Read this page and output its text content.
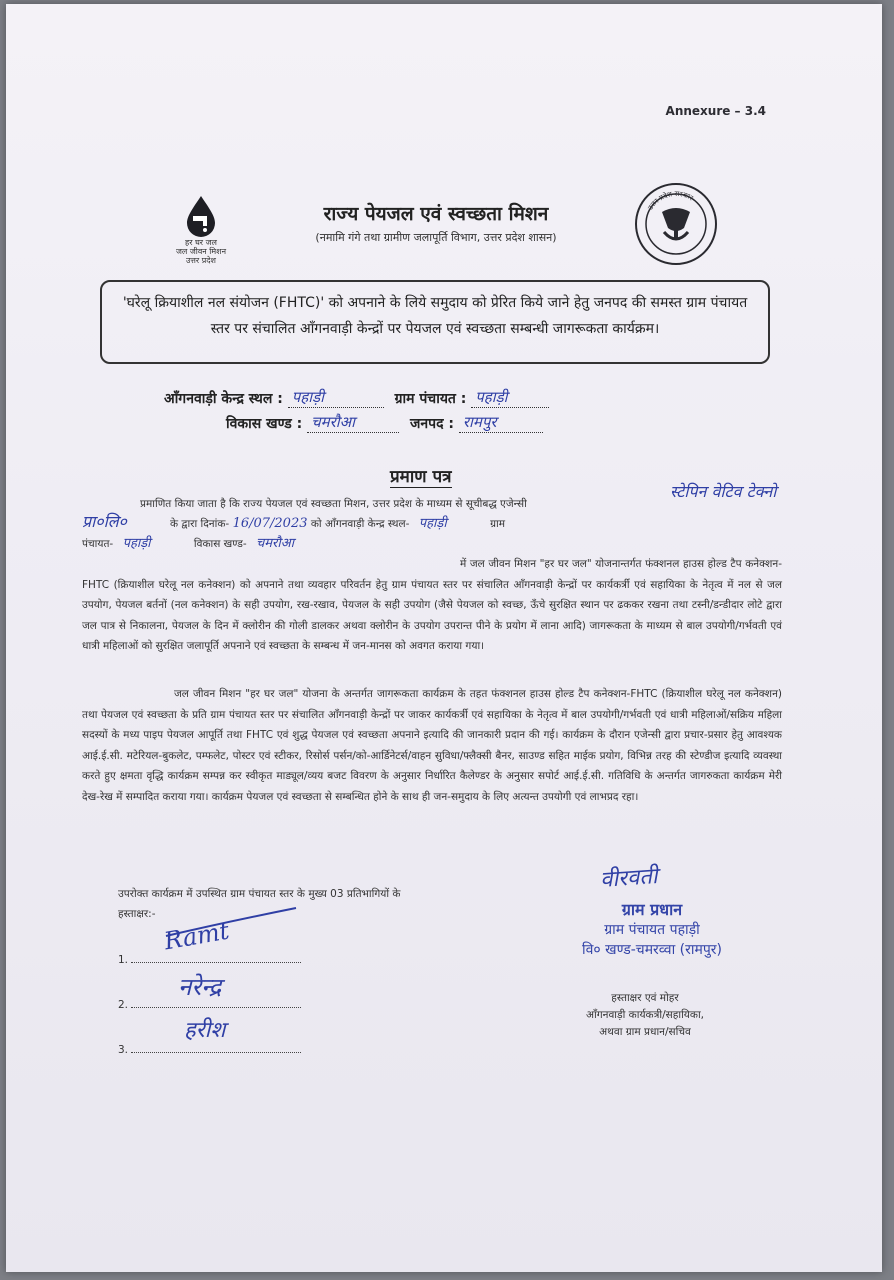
Annexure – 3.4
हर घर जल
जल जीवन मिशन
उत्तर प्रदेश
उत्तर प्रदेश सरकार
राज्य पेयजल एवं स्वच्छता मिशन
(नमामि गंगे तथा ग्रामीण जलापूर्ति विभाग, उत्तर प्रदेश शासन)
'घरेलू क्रियाशील नल संयोजन (FHTC)' को अपनाने के लिये समुदाय को प्रेरित किये जाने हेतु जनपद की समस्त ग्राम पंचायत स्तर पर संचालित आँगनवाड़ी केन्द्रों पर पेयजल एवं स्वच्छता सम्बन्धी जागरूकता कार्यक्रम।
आँगनवाड़ी केन्द्र स्थल : पहाड़ी	ग्राम पंचायत : पहाड़ी
विकास खण्ड : चमरौआ	जनपद : रामपुर
प्रमाण पत्र
स्टेपिन वेटिव टेक्नो
प्रा०लि०
प्रमाणित किया जाता है कि राज्य पेयजल एवं स्वच्छता मिशन, उत्तर प्रदेश के माध्यम से सूचीबद्ध एजेन्सी
के द्वारा दिनांक- 16/07/2023 को आँगनवाड़ी केन्द्र स्थल- पहाड़ी	ग्राम
पंचायत- पहाड़ी	विकास खण्ड- चमरौआ
में जल जीवन मिशन "हर घर जल" योजनान्तर्गत फंक्शनल हाउस होल्ड टैप कनेक्शन-FHTC (क्रियाशील घरेलू नल कनेक्शन) को अपनाने तथा व्यवहार परिवर्तन हेतु ग्राम पंचायत स्तर पर संचालित आँगनवाड़ी केन्द्रों पर कार्यकर्त्री एवं सहायिका के नेतृत्व में नल से जल उपयोग, पेयजल बर्तनों (नल कनेक्शन) के सही उपयोग, रख-रखाव, पेयजल के सही उपयोग (जैसे पेयजल को स्वच्छ, ऊँचे सुरक्षित स्थान पर ढककर रखना तथा टस्नी/डन्डीदार लोटे द्वारा जल पात्र से निकालना, पेयजल के दिन में क्लोरीन की गोली डालकर अथवा क्लोरीन के उपयोग उपरान्त पीने के प्रयोग में लाना आदि) जागरूकता के माध्यम से बाल उपयोगी/गर्भवती एवं धात्री महिलाओं को सुरक्षित जलापूर्ति अपनाने एवं स्वच्छता के सम्बन्ध में जन-मानस को अवगत कराया गया।
जल जीवन मिशन "हर घर जल" योजना के अन्तर्गत जागरूकता कार्यक्रम के तहत फंक्शनल हाउस होल्ड टैप कनेक्शन-FHTC (क्रियाशील घरेलू नल कनेक्शन) तथा पेयजल एवं स्वच्छता के प्रति ग्राम पंचायत स्तर पर संचालित आँगनवाड़ी केन्द्रों पर जाकर कार्यकर्त्री एवं सहायिका के नेतृत्व में बाल उपयोगी/गर्भवती एवं धात्री महिलाओं/सक्रिय महिला सदस्यों के मध्य पाइप पेयजल आपूर्ति तथा FHTC एवं शुद्ध पेयजल एवं स्वच्छता अपनाने इत्यादि की जानकारी प्रदान की गई। कार्यक्रम के दौरान एजेन्सी द्वारा प्रचार-प्रसार हेतु आवश्यक आई.ई.सी. मटेरियल-बुकलेट, पम्फलेट, पोस्टर एवं स्टीकर, रिसोर्स पर्सन/को-आर्डिनेटर्स/वाहन सुविधा/फ्लैक्सी बैनर, साउण्ड सहित माईक प्रयोग, विभिन्न तरह की स्टेण्डीज इत्यादि व्यवस्था करते हुए क्षमता वृद्धि कार्यक्रम सम्पन्न कर स्वीकृत माड्यूल/व्यय बजट विवरण के अनुसार निर्धारित कैलेण्डर के अनुसार सपोर्ट आई.ई.सी. गतिविधि के अन्तर्गत जागरुकता कार्यक्रम मेरी देख-रेख में सम्पादित कराया गया। कार्यक्रम पेयजल एवं स्वच्छता से सम्बन्धित होने के साथ ही जन-समुदाय के लिए अत्यन्त उपयोगी एवं लाभप्रद रहा।
उपरोक्त कार्यक्रम में उपस्थित ग्राम पंचायत स्तर के मुख्य 03 प्रतिभागियों के
हस्ताक्षर:-
1.
2.
3.
Ramt
नरेन्द्र
हरीश
वीरवती
ग्राम प्रधान
ग्राम पंचायत पहाड़ी
वि० खण्ड-चमरव्वा (रामपुर)
हस्ताक्षर एवं मोहर
आँगनवाड़ी कार्यकत्री/सहायिका,
अथवा ग्राम प्रधान/सचिव
